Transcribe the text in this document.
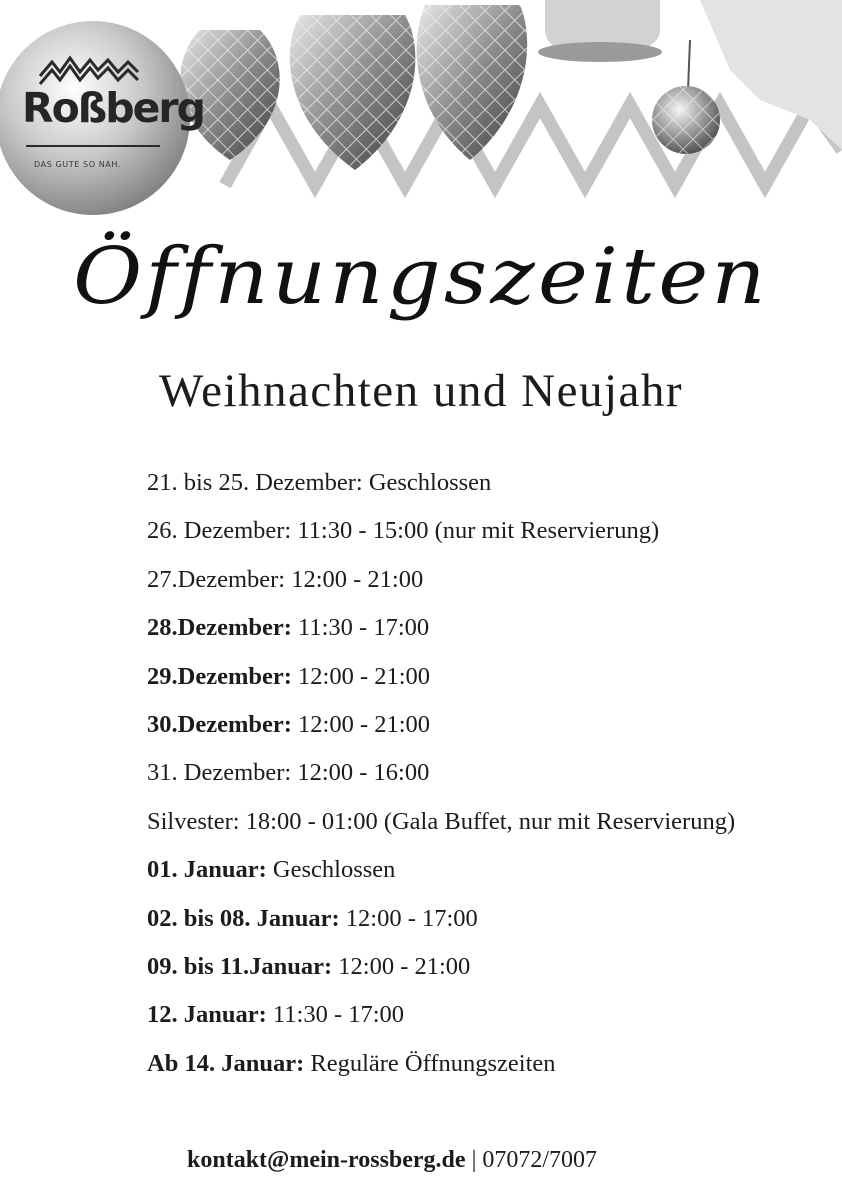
Roßberg
DAS GUTE SO NAH.
Öffnungszeiten
Weihnachten und Neujahr
21. bis 25. Dezember: Geschlossen
26. Dezember: 11:30 - 15:00 (nur mit Reservierung)
27.Dezember: 12:00 - 21:00
28.Dezember: 11:30 - 17:00
29.Dezember: 12:00 - 21:00
30.Dezember: 12:00 - 21:00
31. Dezember: 12:00 - 16:00
Silvester: 18:00 - 01:00 (Gala Buffet, nur mit Reservierung)
01. Januar: Geschlossen
02. bis 08. Januar: 12:00 - 17:00
09. bis 11.Januar: 12:00 - 21:00
12. Januar: 11:30 - 17:00
Ab 14. Januar: Reguläre Öffnungszeiten
kontakt@mein-rossberg.de | 07072/7007
